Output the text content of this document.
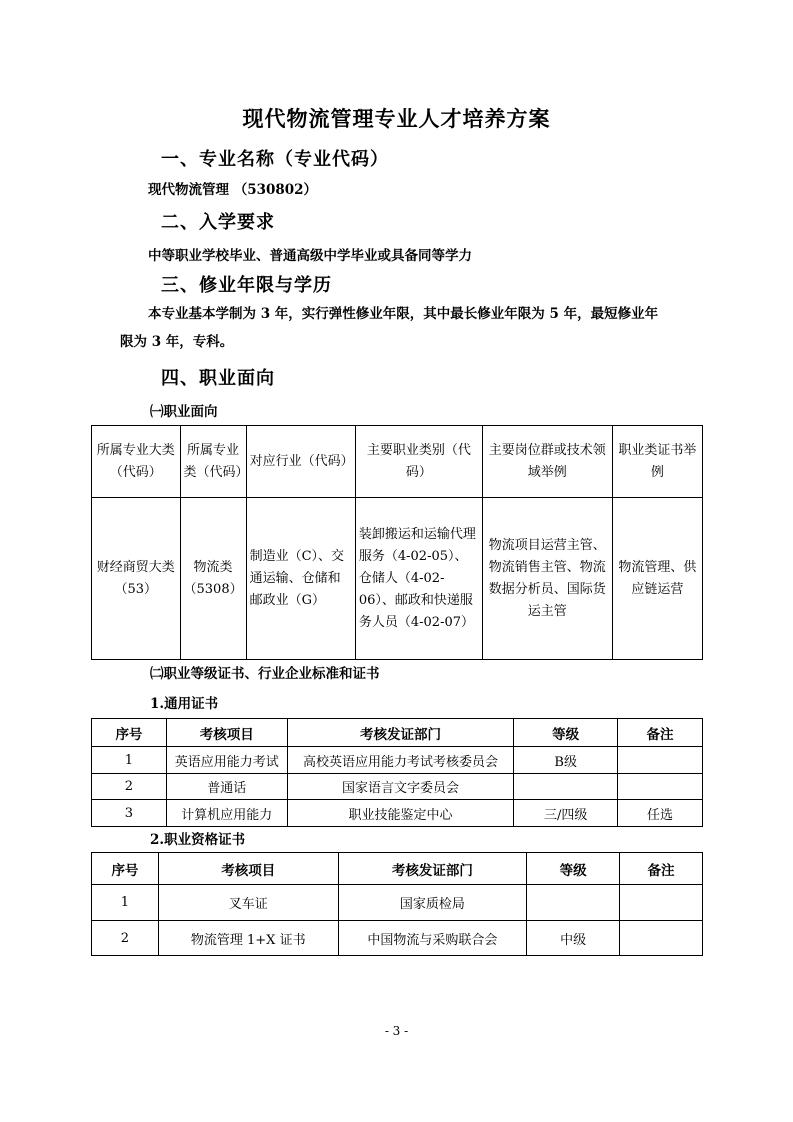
现代物流管理专业人才培养方案
一、专业名称（专业代码）
现代物流管理 （530802）
二、入学要求
中等职业学校毕业、普通高级中学毕业或具备同等学力
三、修业年限与学历
本专业基本学制为 3 年，实行弹性修业年限，其中最长修业年限为 5 年，最短修业年
限为 3 年，专科。
四、职业面向
㈠职业面向
所属专业大类（代码）	所属专业类（代码）	对应行业（代码）	主要职业类别（代码）	主要岗位群或技术领域举例	职业类证书举例
财经商贸大类（53）	物流类（5308）	制造业（C）、交通运输、仓储和邮政业（G）	装卸搬运和运输代理服务（4-02-05）、仓储人（4-02-06）、邮政和快递服务人员（4-02-07）	物流项目运营主管、物流销售主管、物流数据分析员、国际货运主管	物流管理、供应链运营
㈡职业等级证书、行业企业标准和证书
1.通用证书
序号	考核项目	考核发证部门	等级	备注
1	英语应用能力考试	高校英语应用能力考试考核委员会	B级	
2	普通话	国家语言文字委员会		
3	计算机应用能力	职业技能鉴定中心	三/四级	任选
2.职业资格证书
序号	考核项目	考核发证部门	等级	备注
1	叉车证	国家质检局		
2	物流管理 1+X 证书	中国物流与采购联合会	中级	
- 3 -
